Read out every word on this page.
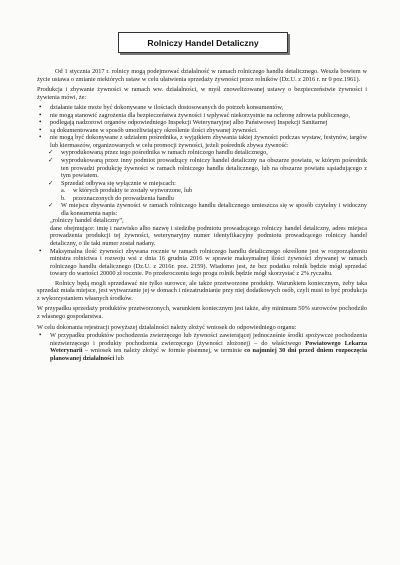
Rolniczy Handel Detaliczny

Od 1 stycznia 2017 r. rolnicy mogą podejmować działalność w ramach rolniczego handlu detalicznego. Weszła bowiem w życie ustawa o zmianie niektórych ustaw w celu ułatwienia sprzedaży żywności przez rolników (Dz.U. z 2016 r. nr 0 poz.1961).

Produkcja i zbywanie żywności w ramach ww. działalności, w myśl znowelizowanej ustawy o bezpieczeństwie żywności i żywienia mówi, że:

• działanie takie może być dokonywane w ilościach dostosowanych do potrzeb konsumentów,
• nie mogą stanowić zagrożenia dla bezpieczeństwa żywności i wpływać niekorzystnie na ochronę zdrowia publicznego,
• podlegają nadzorowi organów odpowiedniego Inspekcji Weterynaryjnej albo Państwowej Inspekcji Sanitarnej
• są dokumentowane w sposób umożliwiający określenie ilości zbywanej żywności.
• nie mogą być dokonywane z udziałem pośrednika, z wyjątkiem zbywania takiej żywności podczas wystaw, festynów, targów lub kiermaszów, organizowanych w celu promocji żywności, jeżeli pośrednik zbywa żywność:
✓ wyprodukowaną przez tego pośrednika w ramach rolniczego handlu detalicznego,
✓ wyprodukowaną przez inny podmiot prowadzący rolniczy handel detaliczny na obszarze powiatu, w którym pośrednik ten prowadzi produkcję żywności w ramach rolniczego handlu detalicznego, lub na obszarze powiatu sąsiadującego z tym powiatem.
✓ Sprzedaż odbywa się wyłącznie w miejscach:
a. w których produkty te zostały wytworzone, lub
b. przeznaczonych do prowadzenia handlu
✓ W miejscu zbywania żywności w ramach rolniczego handlu detalicznego umieszcza się w sposób czytelny i widoczny dla konsumenta napis:
„rolniczy handel detaliczny”,
dane obejmujące: imię i nazwisko albo nazwę i siedzibę podmiotu prowadzącego rolniczy handel detaliczny, adres miejsca prowadzenia produkcji tej żywności, weterynaryjny numer identyfikacyjny podmiotu prowadzącego rolniczy handel detaliczny, o ile taki numer został nadany.
• Maksymalna ilość żywności zbywana rocznie w ramach rolniczego handlu detalicznego określone jest w rozporządzeniu ministra rolnictwa i rozwoju wsi z dnia 16 grudnia 2016 w sprawie maksymalnej ilości żywności zbywanej w ramach rolniczego handlu detalicznego (Dz.U. z 2016r. poz. 2159). Wiadomo jest, że bez podatku rolnik będzie mógł sprzedać towary do wartości 20000 zł rocznie. Po przekroczeniu tego progu rolnik będzie mógł skorzystać z 2% ryczałtu.

Rolnicy będą mogli sprzedawać nie tylko surowce, ale także przetworzone produkty. Warunkiem koniecznym, żeby taka sprzedaż miała miejsce, jest wytwarzanie jej w domach i niezatrudnianie przy niej dodatkowych osób, czyli musi to być produkcja z wykorzystaniem własnych środków.

W przypadku sprzedaży produktów przetworzonych, warunkiem koniecznym jest także, aby minimum 50% surowców pochodziło z własnego gospodarstwa.

W celu dokonania rejestracji powyższej działalności należy złożyć wniosek do odpowiedniego organu:

• W przypadku produktów pochodzenia zwierzęcego lub żywności zawierającej jednocześnie środki spożywcze pochodzenia niezwierzęcego i produkty pochodzenia zwierzęcego (żywności złożonej) – do właściwego Powiatowego Lekarza Weterynarii – wniosek ten należy złożyć w formie pisemnej, w terminie co najmniej 30 dni przed dniem rozpoczęcia planowanej działalności lub
